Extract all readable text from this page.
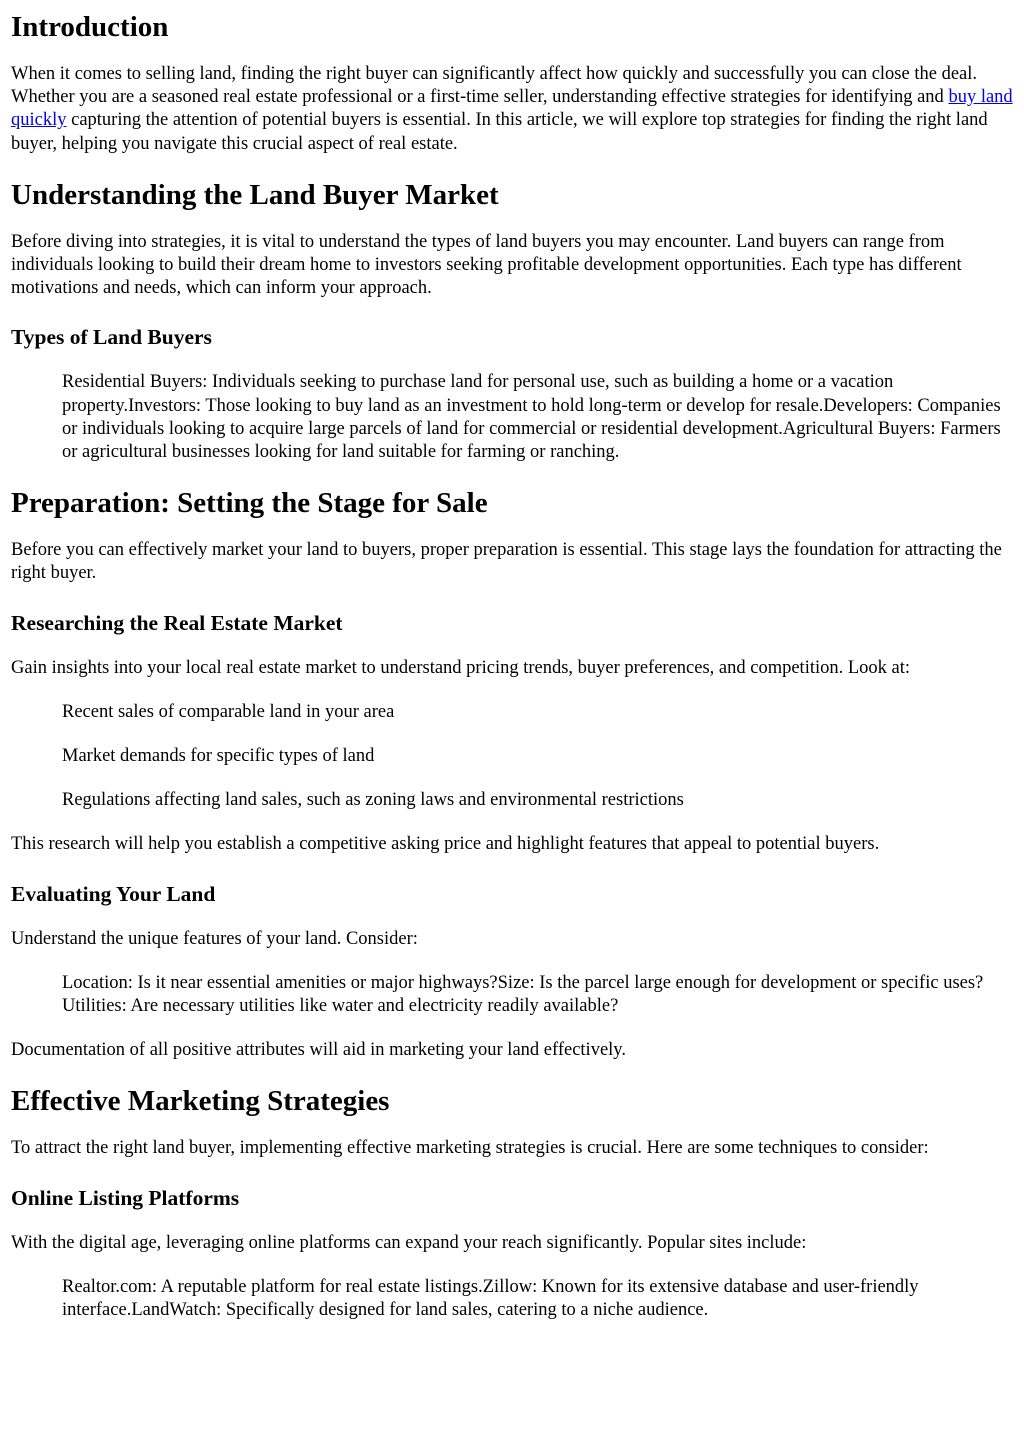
Introduction

When it comes to selling land, finding the right buyer can significantly affect how quickly and successfully you can close the deal. Whether you are a seasoned real estate professional or a first-time seller, understanding effective strategies for identifying and buy land quickly capturing the attention of potential buyers is essential. In this article, we will explore top strategies for finding the right land buyer, helping you navigate this crucial aspect of real estate.

Understanding the Land Buyer Market

Before diving into strategies, it is vital to understand the types of land buyers you may encounter. Land buyers can range from individuals looking to build their dream home to investors seeking profitable development opportunities. Each type has different motivations and needs, which can inform your approach.

Types of Land Buyers

Residential Buyers: Individuals seeking to purchase land for personal use, such as building a home or a vacation property.Investors: Those looking to buy land as an investment to hold long-term or develop for resale.Developers: Companies or individuals looking to acquire large parcels of land for commercial or residential development.Agricultural Buyers: Farmers or agricultural businesses looking for land suitable for farming or ranching.

Preparation: Setting the Stage for Sale

Before you can effectively market your land to buyers, proper preparation is essential. This stage lays the foundation for attracting the right buyer.

Researching the Real Estate Market

Gain insights into your local real estate market to understand pricing trends, buyer preferences, and competition. Look at:

Recent sales of comparable land in your area

Market demands for specific types of land

Regulations affecting land sales, such as zoning laws and environmental restrictions

This research will help you establish a competitive asking price and highlight features that appeal to potential buyers.

Evaluating Your Land

Understand the unique features of your land. Consider:

Location: Is it near essential amenities or major highways?Size: Is the parcel large enough for development or specific uses?Utilities: Are necessary utilities like water and electricity readily available?

Documentation of all positive attributes will aid in marketing your land effectively.

Effective Marketing Strategies

To attract the right land buyer, implementing effective marketing strategies is crucial. Here are some techniques to consider:

Online Listing Platforms

With the digital age, leveraging online platforms can expand your reach significantly. Popular sites include:

Realtor.com: A reputable platform for real estate listings.Zillow: Known for its extensive database and user-friendly interface.LandWatch: Specifically designed for land sales, catering to a niche audience.
